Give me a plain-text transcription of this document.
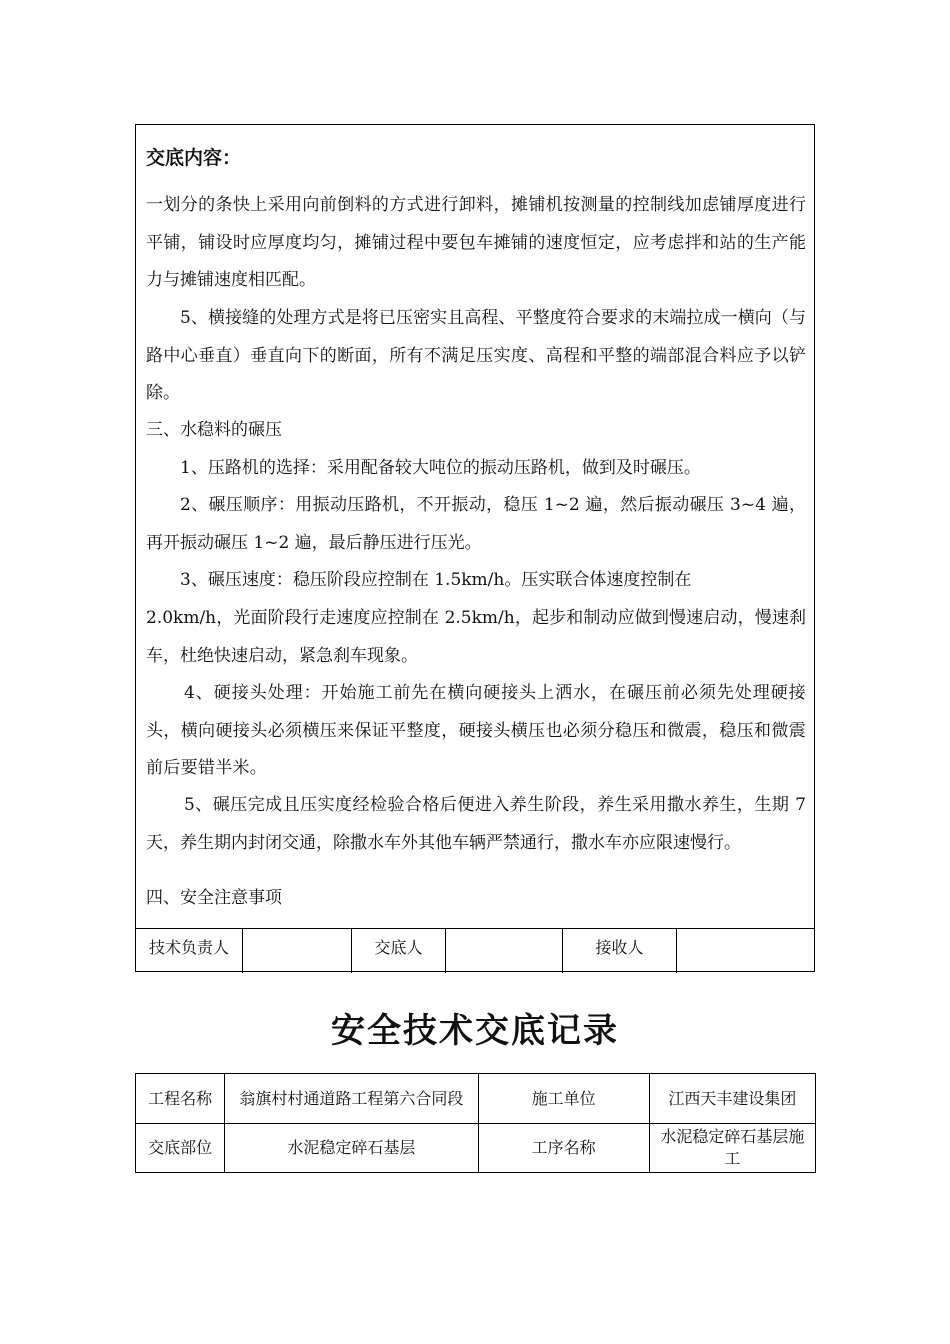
交底内容：

一划分的条快上采用向前倒料的方式进行卸料，摊铺机按测量的控制线加虑铺厚度进行平铺，铺设时应厚度均匀，摊铺过程中要包车摊铺的速度恒定，应考虑拌和站的生产能力与摊铺速度相匹配。

5、横接缝的处理方式是将已压密实且高程、平整度符合要求的末端拉成一横向（与路中心垂直）垂直向下的断面，所有不满足压实度、高程和平整的端部混合料应予以铲除。

三、水稳料的碾压

1、压路机的选择：采用配备较大吨位的振动压路机，做到及时碾压。

2、碾压顺序：用振动压路机，不开振动，稳压 1~2 遍，然后振动碾压 3~4 遍，再开振动碾压 1~2 遍，最后静压进行压光。

3、碾压速度：稳压阶段应控制在 1.5km/h。压实联合体速度控制在

2.0km/h，光面阶段行走速度应控制在 2.5km/h，起步和制动应做到慢速启动，慢速刹车，杜绝快速启动，紧急刹车现象。

4、硬接头处理：开始施工前先在横向硬接头上洒水，在碾压前必须先处理硬接头，横向硬接头必须横压来保证平整度，硬接头横压也必须分稳压和微震，稳压和微震前后要错半米。

5、碾压完成且压实度经检验合格后便进入养生阶段，养生采用撒水养生，生期 7 天，养生期内封闭交通，除撒水车外其他车辆严禁通行，撒水车亦应限速慢行。

四、安全注意事项

技术负责人	交底人	接收人
安全技术交底记录
工程名称	翁旗村村通道路工程第六合同段	施工单位	江西天丰建设集团
交底部位	水泥稳定碎石基层	工序名称	水泥稳定碎石基层施工
